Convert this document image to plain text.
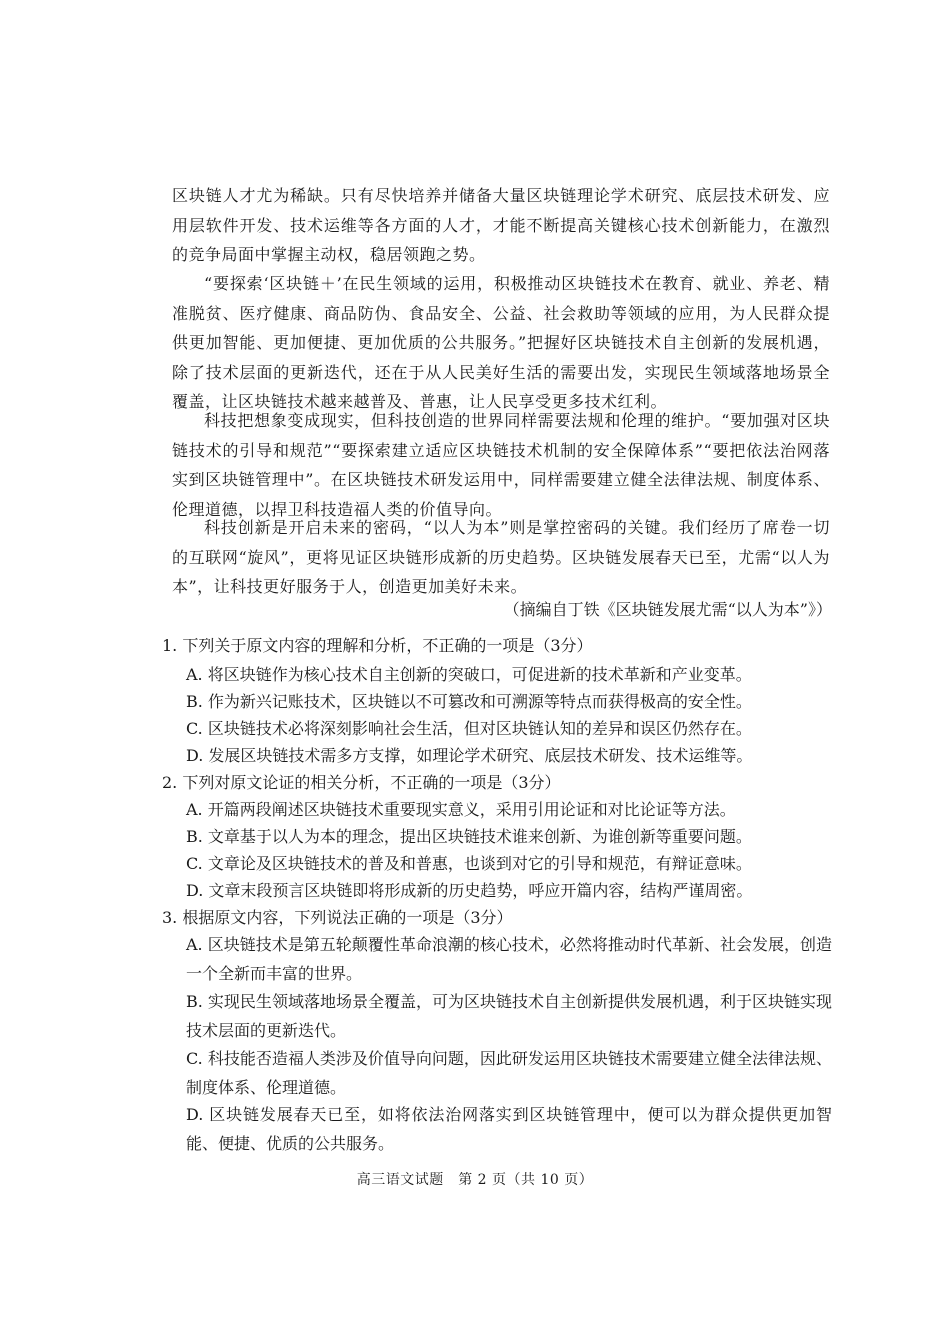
区块链人才尤为稀缺。只有尽快培养并储备大量区块链理论学术研究、底层技术研发、应用层软件开发、技术运维等各方面的人才，才能不断提高关键核心技术创新能力，在激烈的竞争局面中掌握主动权，稳居领跑之势。

“要探索‘区块链＋’在民生领域的运用，积极推动区块链技术在教育、就业、养老、精准脱贫、医疗健康、商品防伪、食品安全、公益、社会救助等领域的应用，为人民群众提供更加智能、更加便捷、更加优质的公共服务。”把握好区块链技术自主创新的发展机遇，除了技术层面的更新迭代，还在于从人民美好生活的需要出发，实现民生领域落地场景全覆盖，让区块链技术越来越普及、普惠，让人民享受更多技术红利。

科技把想象变成现实，但科技创造的世界同样需要法规和伦理的维护。“要加强对区块链技术的引导和规范”“要探索建立适应区块链技术机制的安全保障体系”“要把依法治网落实到区块链管理中”。在区块链技术研发运用中，同样需要建立健全法律法规、制度体系、伦理道德，以捍卫科技造福人类的价值导向。

科技创新是开启未来的密码，“以人为本”则是掌控密码的关键。我们经历了席卷一切的互联网“旋风”，更将见证区块链形成新的历史趋势。区块链发展春天已至，尤需“以人为本”，让科技更好服务于人，创造更加美好未来。

（摘编自丁铁《区块链发展尤需“以人为本”》）

1. 下列关于原文内容的理解和分析，不正确的一项是（3分）

A. 将区块链作为核心技术自主创新的突破口，可促进新的技术革新和产业变革。

B. 作为新兴记账技术，区块链以不可篡改和可溯源等特点而获得极高的安全性。

C. 区块链技术必将深刻影响社会生活，但对区块链认知的差异和误区仍然存在。

D. 发展区块链技术需多方支撑，如理论学术研究、底层技术研发、技术运维等。

2. 下列对原文论证的相关分析，不正确的一项是（3分）

A. 开篇两段阐述区块链技术重要现实意义，采用引用论证和对比论证等方法。

B. 文章基于以人为本的理念，提出区块链技术谁来创新、为谁创新等重要问题。

C. 文章论及区块链技术的普及和普惠，也谈到对它的引导和规范，有辩证意味。

D. 文章末段预言区块链即将形成新的历史趋势，呼应开篇内容，结构严谨周密。

3. 根据原文内容，下列说法正确的一项是（3分）

A. 区块链技术是第五轮颠覆性革命浪潮的核心技术，必然将推动时代革新、社会发展，创造一个全新而丰富的世界。

B. 实现民生领域落地场景全覆盖，可为区块链技术自主创新提供发展机遇，利于区块链实现技术层面的更新迭代。

C. 科技能否造福人类涉及价值导向问题，因此研发运用区块链技术需要建立健全法律法规、制度体系、伦理道德。

D. 区块链发展春天已至，如将依法治网落实到区块链管理中，便可以为群众提供更加智能、便捷、优质的公共服务。

高三语文试题　第 2 页（共 10 页）
